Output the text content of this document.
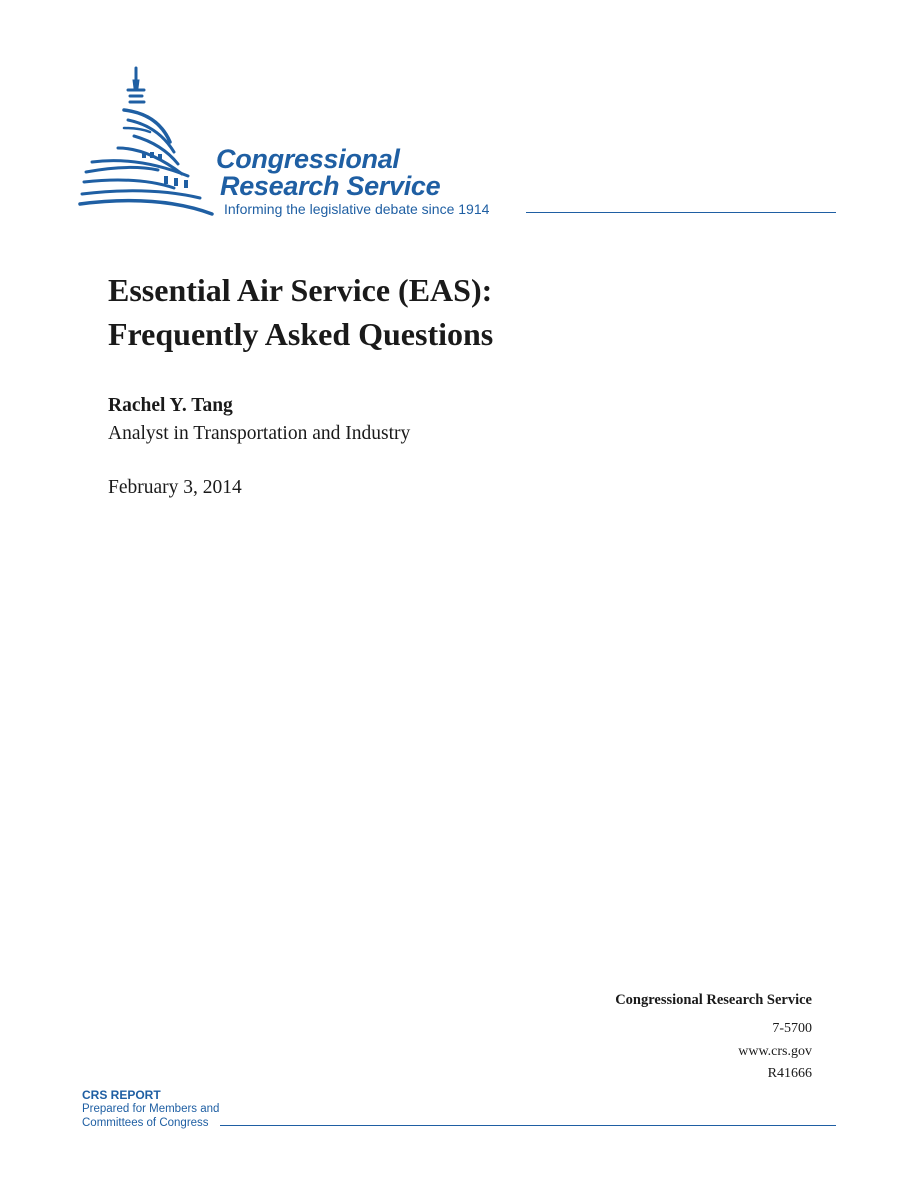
Congressional
Research Service
Informing the legislative debate since 1914
Essential Air Service (EAS):
Frequently Asked Questions
Rachel Y. Tang
Analyst in Transportation and Industry
February 3, 2014
Congressional Research Service
7-5700
www.crs.gov
R41666
CRS REPORT
Prepared for Members and
Committees of Congress
